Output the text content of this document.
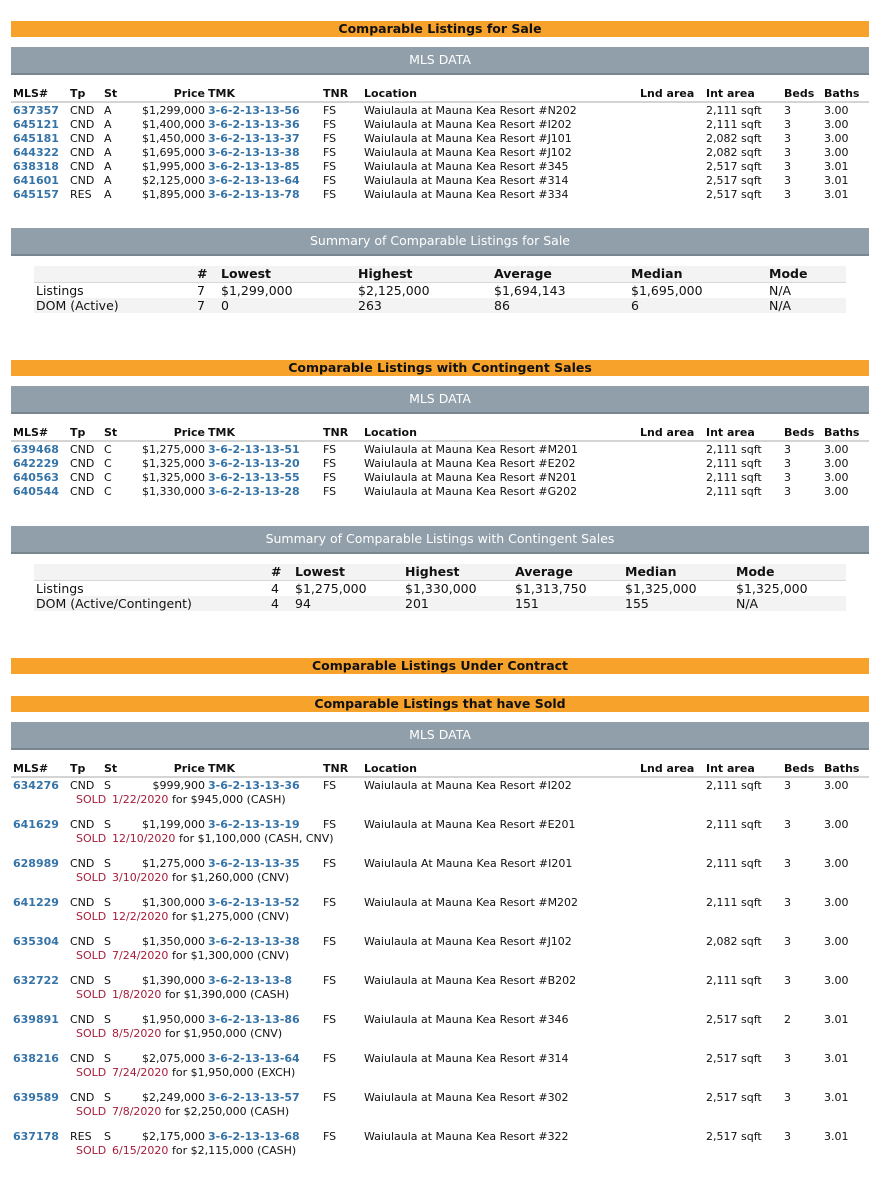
Comparable Listings for Sale
MLS DATA
MLS# Tp St	Price TMK	TNR Location	Lnd area Int area	Beds Baths
637357 CND A	$1,299,000 3-6-2-13-13-56 FS	Waiulaula at Mauna Kea Resort #N202	2,111 sqft 3	3.00
645121 CND A	$1,400,000 3-6-2-13-13-36 FS	Waiulaula at Mauna Kea Resort #I202	2,111 sqft 3	3.00
645181 CND A	$1,450,000 3-6-2-13-13-37 FS	Waiulaula at Mauna Kea Resort #J101	2,082 sqft 3	3.00
644322 CND A	$1,695,000 3-6-2-13-13-38 FS	Waiulaula at Mauna Kea Resort #J102	2,082 sqft 3	3.00
638318 CND A	$1,995,000 3-6-2-13-13-85 FS	Waiulaula at Mauna Kea Resort #345	2,517 sqft 3	3.01
641601 CND A	$2,125,000 3-6-2-13-13-64 FS	Waiulaula at Mauna Kea Resort #314	2,517 sqft 3	3.01
645157 RES A	$1,895,000 3-6-2-13-13-78 FS	Waiulaula at Mauna Kea Resort #334	2,517 sqft 3	3.01
Summary of Comparable Listings for Sale
# Lowest	Highest	Average	Median	Mode
Listings	7 $1,299,000	$2,125,000	$1,694,143	$1,695,000	N/A
DOM (Active)	7 0	263	86	6	N/A
Comparable Listings with Contingent Sales
MLS DATA
MLS# Tp St	Price TMK	TNR Location	Lnd area Int area	Beds Baths
639468 CND C	$1,275,000 3-6-2-13-13-51 FS	Waiulaula at Mauna Kea Resort #M201	2,111 sqft 3	3.00
642229 CND C	$1,325,000 3-6-2-13-13-20 FS	Waiulaula at Mauna Kea Resort #E202	2,111 sqft 3	3.00
640563 CND C	$1,325,000 3-6-2-13-13-55 FS	Waiulaula at Mauna Kea Resort #N201	2,111 sqft 3	3.00
640544 CND C	$1,330,000 3-6-2-13-13-28 FS	Waiulaula at Mauna Kea Resort #G202	2,111 sqft 3	3.00
Summary of Comparable Listings with Contingent Sales
# Lowest	Highest	Average	Median	Mode
Listings	4 $1,275,000	$1,330,000	$1,313,750	$1,325,000	$1,325,000
DOM (Active/Contingent)	4 94	201	151	155	N/A
Comparable Listings Under Contract
Comparable Listings that have Sold
MLS DATA
MLS# Tp St	Price TMK	TNR Location	Lnd area Int area	Beds Baths
634276 CND S	$999,900 3-6-2-13-13-36 FS	Waiulaula at Mauna Kea Resort #I202	2,111 sqft 3	3.00
SOLD 1/22/2020 for $945,000 (CASH)
641629 CND S	$1,199,000 3-6-2-13-13-19 FS	Waiulaula at Mauna Kea Resort #E201	2,111 sqft 3	3.00
SOLD 12/10/2020 for $1,100,000 (CASH, CNV)
628989 CND S	$1,275,000 3-6-2-13-13-35 FS	Waiulaula At Mauna Kea Resort #I201	2,111 sqft 3	3.00
SOLD 3/10/2020 for $1,260,000 (CNV)
641229 CND S	$1,300,000 3-6-2-13-13-52 FS	Waiulaula at Mauna Kea Resort #M202	2,111 sqft 3	3.00
SOLD 12/2/2020 for $1,275,000 (CNV)
635304 CND S	$1,350,000 3-6-2-13-13-38 FS	Waiulaula at Mauna Kea Resort #J102	2,082 sqft 3	3.00
SOLD 7/24/2020 for $1,300,000 (CNV)
632722 CND S	$1,390,000 3-6-2-13-13-8	FS	Waiulaula at Mauna Kea Resort #B202	2,111 sqft 3	3.00
SOLD 1/8/2020 for $1,390,000 (CASH)
639891 CND S	$1,950,000 3-6-2-13-13-86 FS	Waiulaula at Mauna Kea Resort #346	2,517 sqft 2	3.01
SOLD 8/5/2020 for $1,950,000 (CNV)
638216 CND S	$2,075,000 3-6-2-13-13-64 FS	Waiulaula at Mauna Kea Resort #314	2,517 sqft 3	3.01
SOLD 7/24/2020 for $1,950,000 (EXCH)
639589 CND S	$2,249,000 3-6-2-13-13-57 FS	Waiulaula at Mauna Kea Resort #302	2,517 sqft 3	3.01
SOLD 7/8/2020 for $2,250,000 (CASH)
637178 RES S	$2,175,000 3-6-2-13-13-68 FS	Waiulaula at Mauna Kea Resort #322	2,517 sqft 3	3.01
SOLD 6/15/2020 for $2,115,000 (CASH)
